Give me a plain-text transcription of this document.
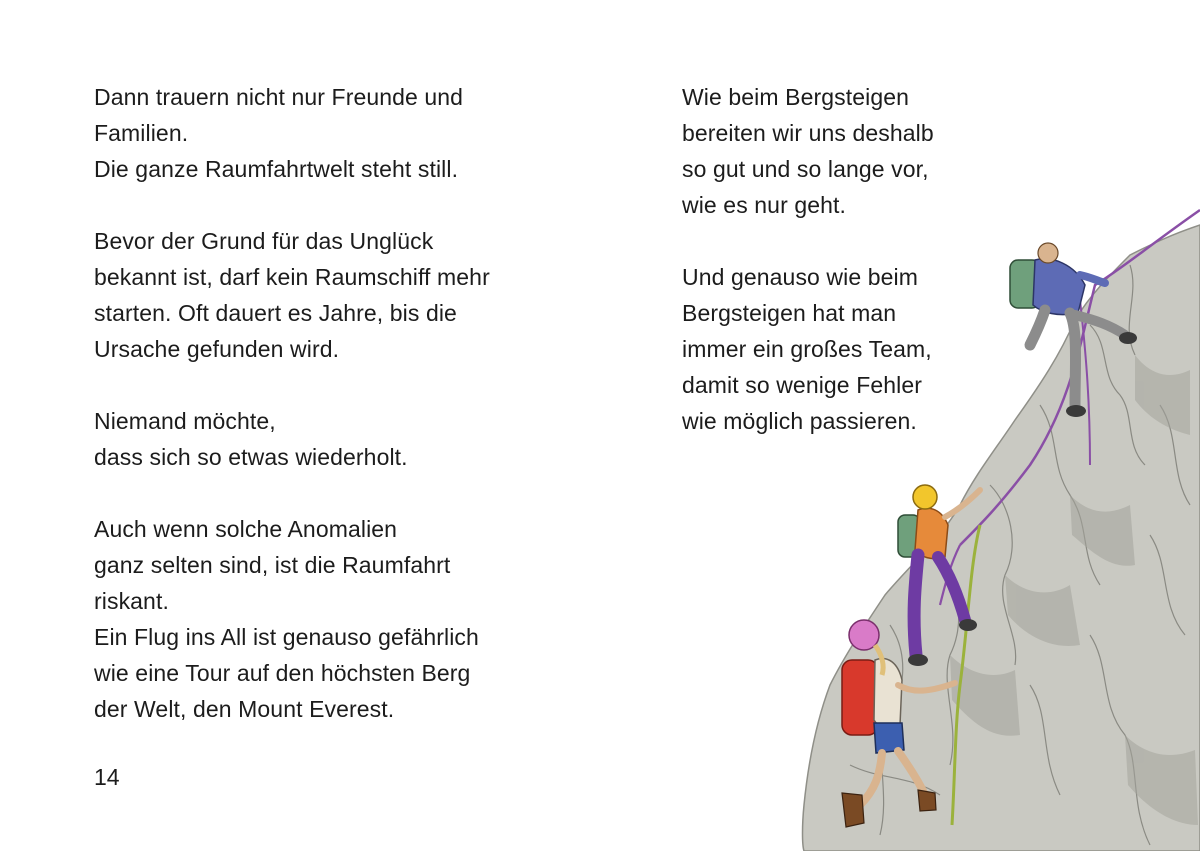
Dann trauern nicht nur Freunde und
Familien.
Die ganze Raumfahrtwelt steht still.
Bevor der Grund für das Unglück
bekannt ist, darf kein Raumschiff mehr
starten. Oft dauert es Jahre, bis die
Ursache gefunden wird.
Niemand möchte,
dass sich so etwas wiederholt.
Auch wenn solche Anomalien
ganz selten sind, ist die Raumfahrt
riskant.
Ein Flug ins All ist genauso gefährlich
wie eine Tour auf den höchsten Berg
der Welt, den Mount Everest.
Wie beim Bergsteigen
bereiten wir uns deshalb
so gut und so lange vor,
wie es nur geht.
Und genauso wie beim
Bergsteigen hat man
immer ein großes Team,
damit so wenige Fehler
wie möglich passieren.
14
